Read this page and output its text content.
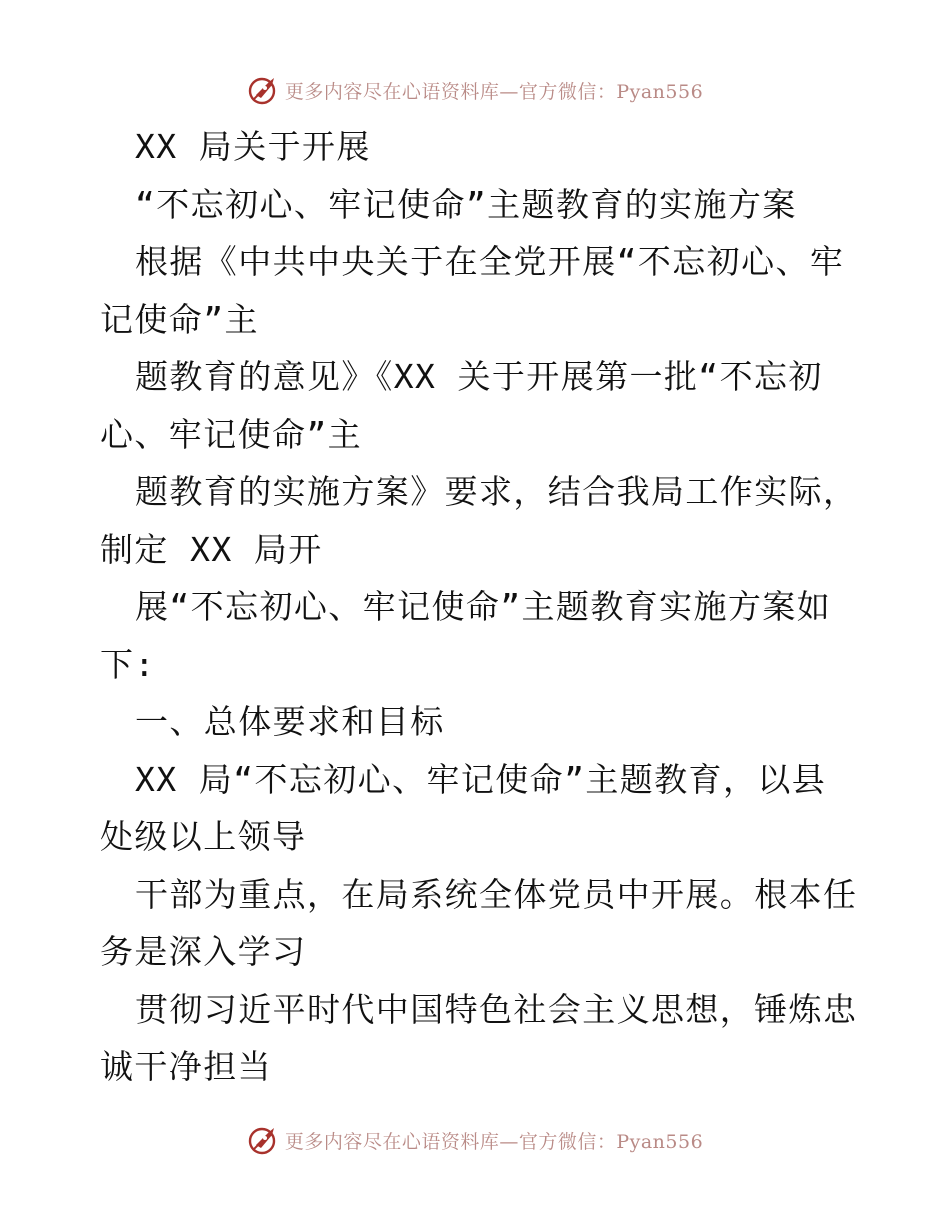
更多内容尽在心语资料库—官方微信：Pyan556
XX 局关于开展
“不忘初心、牢记使命”主题教育的实施方案
根据《中共中央关于在全党开展“不忘初心、牢
记使命”主
题教育的意见》《XX 关于开展第一批“不忘初
心、牢记使命”主
题教育的实施方案》要求，结合我局工作实际，
制定 XX 局开
展“不忘初心、牢记使命”主题教育实施方案如
下:
一、总体要求和目标
XX 局“不忘初心、牢记使命”主题教育，以县
处级以上领导
干部为重点，在局系统全体党员中开展。根本任
务是深入学习
贯彻习近平时代中国特色社会主义思想，锤炼忠
诚干净担当
更多内容尽在心语资料库—官方微信：Pyan556
